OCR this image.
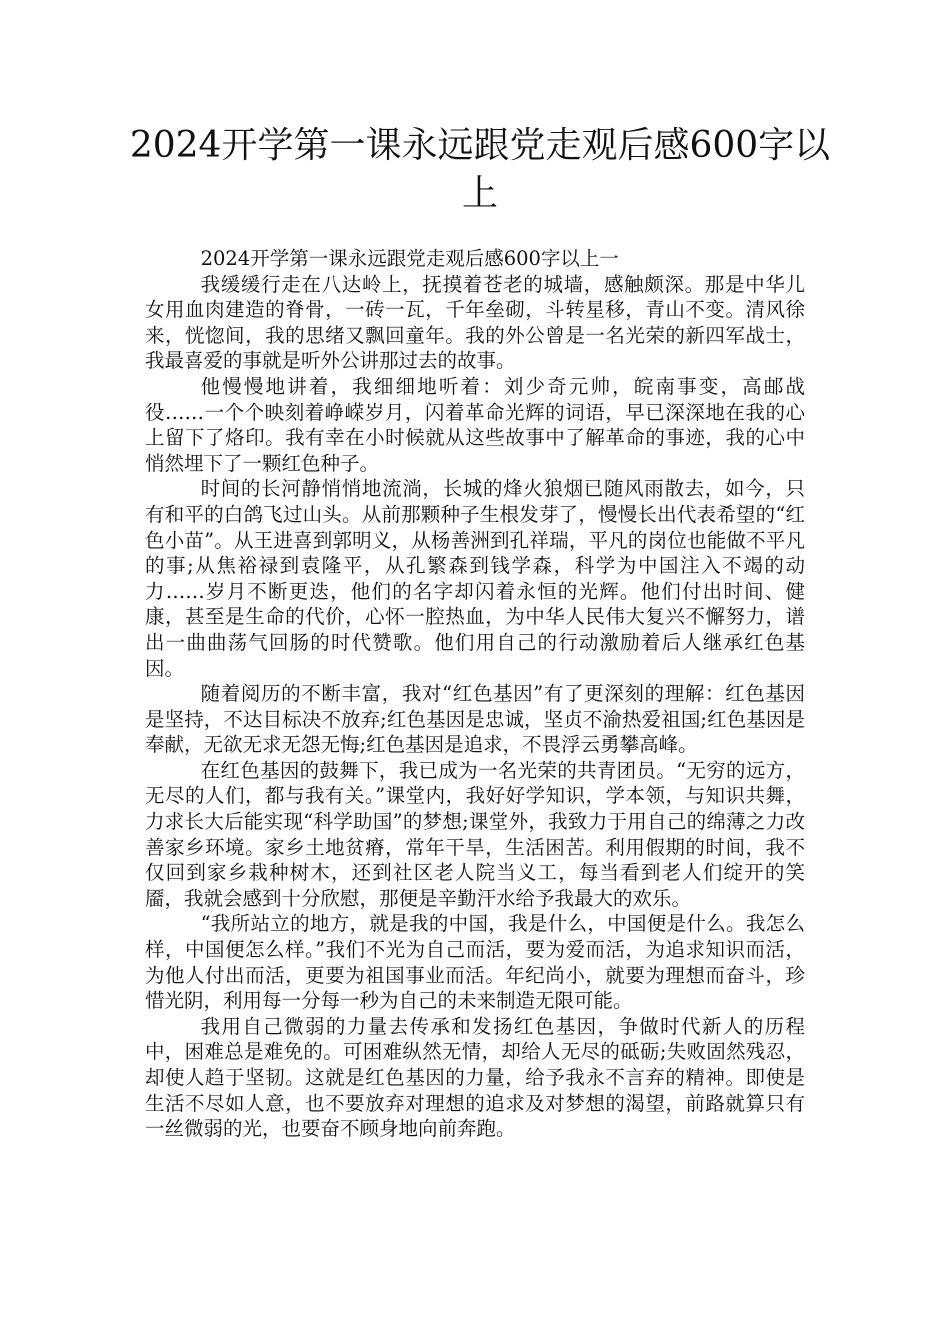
2024开学第一课永远跟党走观后感600字以上

2024开学第一课永远跟党走观后感600字以上一

我缓缓行走在八达岭上，抚摸着苍老的城墙，感触颇深。那是中华儿女用血肉建造的脊骨，一砖一瓦，千年垒砌，斗转星移，青山不变。清风徐来，恍惚间，我的思绪又飘回童年。我的外公曾是一名光荣的新四军战士，我最喜爱的事就是听外公讲那过去的故事。

他慢慢地讲着，我细细地听着：刘少奇元帅，皖南事变，高邮战役……一个个映刻着峥嵘岁月，闪着革命光辉的词语，早已深深地在我的心上留下了烙印。我有幸在小时候就从这些故事中了解革命的事迹，我的心中悄然埋下了一颗红色种子。

时间的长河静悄悄地流淌，长城的烽火狼烟已随风雨散去，如今，只有和平的白鸽飞过山头。从前那颗种子生根发芽了，慢慢长出代表希望的“红色小苗”。从王进喜到郭明义，从杨善洲到孔祥瑞，平凡的岗位也能做不平凡的事;从焦裕禄到袁隆平，从孔繁森到钱学森，科学为中国注入不竭的动力……岁月不断更迭，他们的名字却闪着永恒的光辉。他们付出时间、健康，甚至是生命的代价，心怀一腔热血，为中华人民伟大复兴不懈努力，谱出一曲曲荡气回肠的时代赞歌。他们用自己的行动激励着后人继承红色基因。

随着阅历的不断丰富，我对“红色基因”有了更深刻的理解：红色基因是坚持，不达目标决不放弃;红色基因是忠诚，坚贞不渝热爱祖国;红色基因是奉献，无欲无求无怨无悔;红色基因是追求，不畏浮云勇攀高峰。

在红色基因的鼓舞下，我已成为一名光荣的共青团员。“无穷的远方，无尽的人们，都与我有关。”课堂内，我好好学知识，学本领，与知识共舞，力求长大后能实现“科学助国”的梦想;课堂外，我致力于用自己的绵薄之力改善家乡环境。家乡土地贫瘠，常年干旱，生活困苦。利用假期的时间，我不仅回到家乡栽种树木，还到社区老人院当义工，每当看到老人们绽开的笑靥，我就会感到十分欣慰，那便是辛勤汗水给予我最大的欢乐。

“我所站立的地方，就是我的中国，我是什么，中国便是什么。我怎么样，中国便怎么样。”我们不光为自己而活，要为爱而活，为追求知识而活，为他人付出而活，更要为祖国事业而活。年纪尚小，就要为理想而奋斗，珍惜光阴，利用每一分每一秒为自己的未来制造无限可能。

我用自己微弱的力量去传承和发扬红色基因，争做时代新人的历程中，困难总是难免的。可困难纵然无情，却给人无尽的砥砺;失败固然残忍，却使人趋于坚韧。这就是红色基因的力量，给予我永不言弃的精神。即使是生活不尽如人意，也不要放弃对理想的追求及对梦想的渴望，前路就算只有一丝微弱的光，也要奋不顾身地向前奔跑。
